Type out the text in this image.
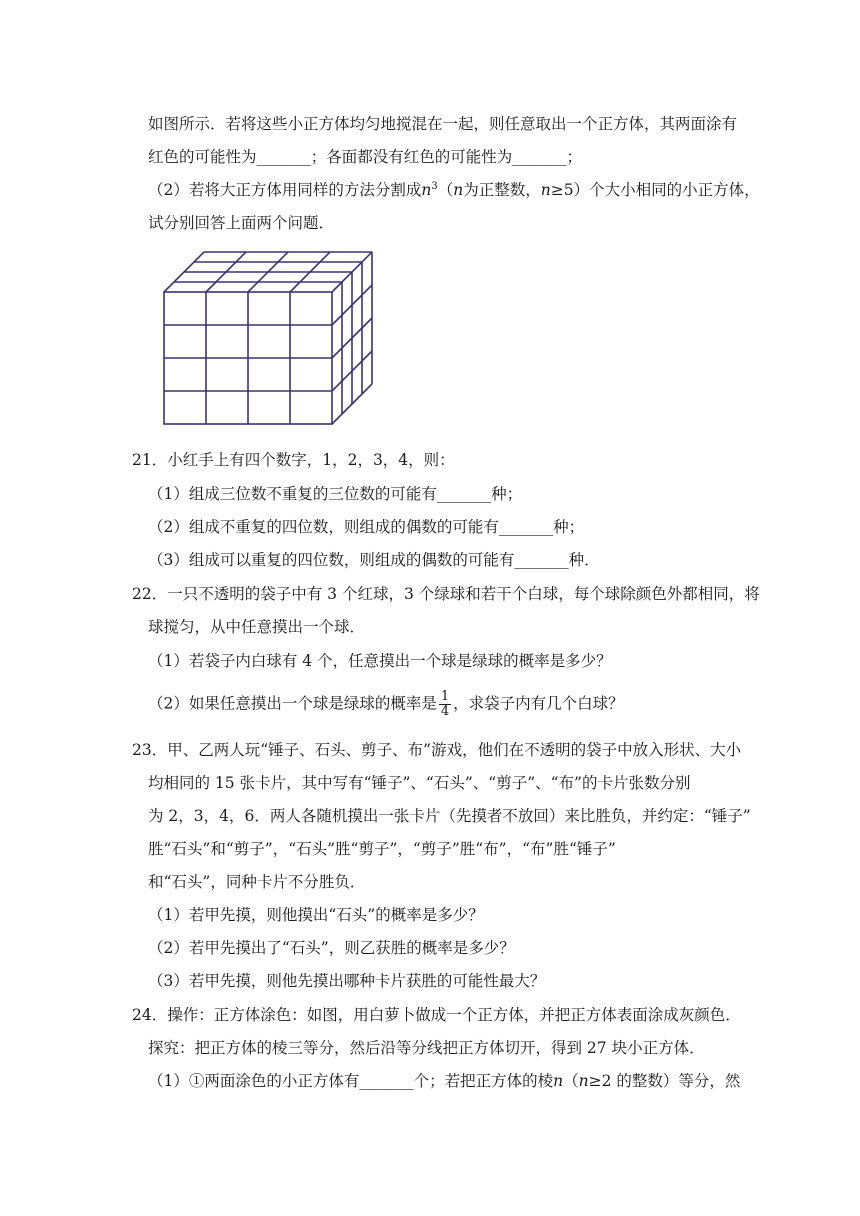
如图所示．若将这些小正方体均匀地搅混在一起，则任意取出一个正方体，其两面涂有
红色的可能性为_______；各面都没有红色的可能性为_______；
（2）若将大正方体用同样的方法分割成$n^3(n$为正整数，n≥5）个大小相同的小正方体，
试分别回答上面两个问题．
21．小红手上有四个数字，1，2，3，4，则：
（1）组成三位数不重复的三位数的可能有_______种；
（2）组成不重复的四位数，则组成的偶数的可能有_______种；
（3）组成可以重复的四位数，则组成的偶数的可能有_______种．
22．一只不透明的袋子中有 3 个红球，3 个绿球和若干个白球，每个球除颜色外都相同，将
球搅匀，从中任意摸出一个球．
（1）若袋子内白球有 4 个，任意摸出一个球是绿球的概率是多少？
（2）如果任意摸出一个球是绿球的概率是 $\frac{1}{4}$ ，求袋子内有几个白球？
23．甲、乙两人玩“锤子、石头、剪子、布”游戏，他们在不透明的袋子中放入形状、大小
均相同的 15 张卡片，其中写有“锤子”、“石头”、“剪子”、“布”的卡片张数分别
为 2，3，4，6．两人各随机摸出一张卡片（先摸者不放回）来比胜负，并约定：“锤子”
胜“石头”和“剪子”，“石头”胜“剪子”，“剪子”胜“布”，“布”胜“锤子”
和“石头”，同种卡片不分胜负．
（1）若甲先摸，则他摸出“石头”的概率是多少？
（2）若甲先摸出了“石头”，则乙获胜的概率是多少？
（3）若甲先摸，则他先摸出哪种卡片获胜的可能性最大？
24．操作：正方体涂色：如图，用白萝卜做成一个正方体，并把正方体表面涂成灰颜色．
探究：把正方体的棱三等分，然后沿等分线把正方体切开，得到 27 块小正方体．
（1）①两面涂色的小正方体有_______个；若把正方体的棱n（n≥2 的整数）等分，然
